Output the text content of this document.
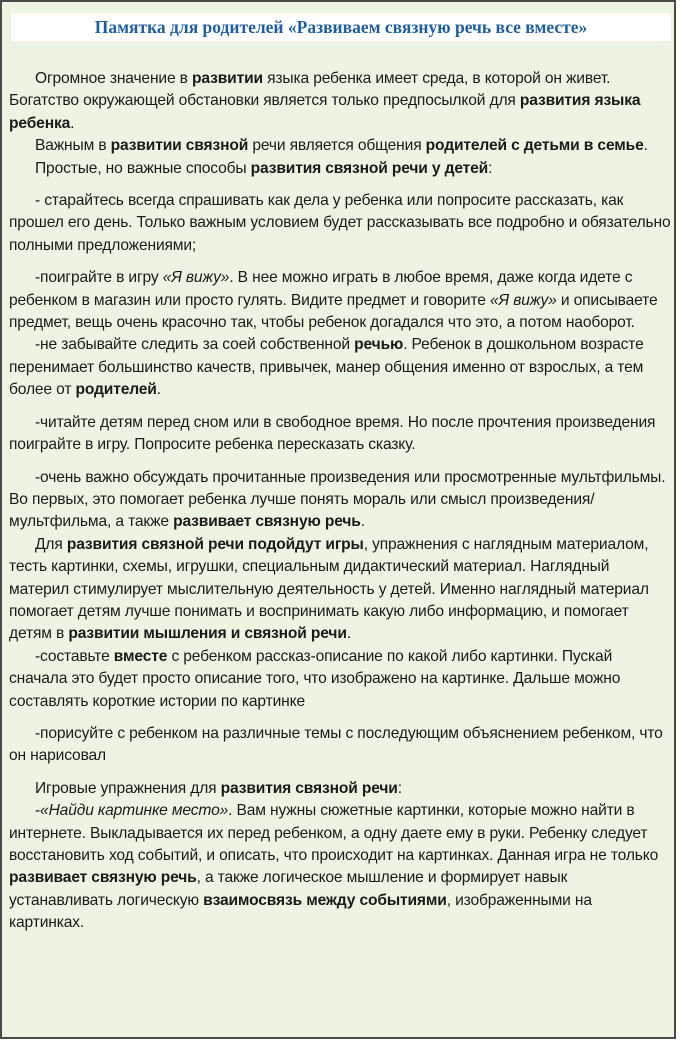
Памятка для родителей «Развиваем связную речь все вместе»

Огромное значение в развитии языка ребенка имеет среда, в которой он живет. Богатство окружающей обстановки является только предпосылкой для развития языка ребенка.

Важным в развитии связной речи является общения родителей с детьми в семье.

Простые, но важные способы развития связной речи у детей:

- старайтесь всегда спрашивать как дела у ребенка или попросите рассказать, как прошел его день. Только важным условием будет рассказывать все подробно и обязательно полными предложениями;

-поиграйте в игру «Я вижу». В нее можно играть в любое время, даже когда идете с ребенком в магазин или просто гулять. Видите предмет и говорите «Я вижу» и описываете предмет, вещь очень красочно так, чтобы ребенок догадался что это, а потом наоборот.

-не забывайте следить за соей собственной речью. Ребенок в дошкольном возрасте перенимает большинство качеств, привычек, манер общения именно от взрослых, а тем более от родителей.

-читайте детям перед сном или в свободное время. Но после прочтения произведения поиграйте в игру. Попросите ребенка пересказать сказку.

-очень важно обсуждать прочитанные произведения или просмотренные мультфильмы. Во первых, это помогает ребенка лучше понять мораль или смысл произведения/ мультфильма, а также развивает связную речь.

Для развития связной речи подойдут игры, упражнения с наглядным материалом, тесть картинки, схемы, игрушки, специальным дидактический материал. Наглядный материл стимулирует мыслительную деятельность у детей. Именно наглядный материал помогает детям лучше понимать и воспринимать какую либо информацию, и помогает детям в развитии мышления и связной речи.

-составьте вместе с ребенком рассказ-описание по какой либо картинки. Пускай сначала это будет просто описание того, что изображено на картинке. Дальше можно составлять короткие истории по картинке

-порисуйте с ребенком на различные темы с последующим объяснением ребенком, что он нарисовал

Игровые упражнения для развития связной речи:

-«Найди картинке место». Вам нужны сюжетные картинки, которые можно найти в интернете. Выкладывается их перед ребенком, а одну даете ему в руки. Ребенку следует восстановить ход событий, и описать, что происходит на картинках. Данная игра не только развивает связную речь, а также логическое мышление и формирует навык устанавливать логическую взаимосвязь между событиями, изображенными на картинках.
